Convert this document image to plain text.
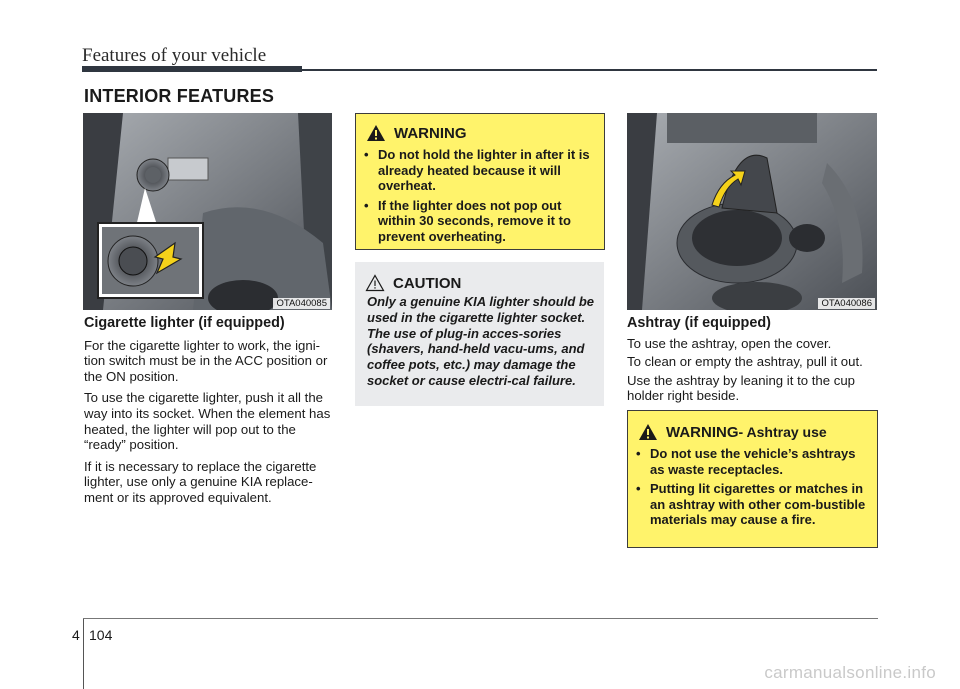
Features of your vehicle
INTERIOR FEATURES
OTA040085	OTA040086
Cigarette lighter (if equipped)

For the cigarette lighter to work, the igni-tion switch must be in the ACC position or the ON position.

To use the cigarette lighter, push it all the way into its socket. When the element has heated, the lighter will pop out to the “ready” position.

If it is necessary to replace the cigarette lighter, use only a genuine KIA replace-ment or its approved equivalent.

WARNING
• Do not hold the lighter in after it is already heated because it will overheat.
• If the lighter does not pop out within 30 seconds, remove it to prevent overheating.
CAUTION
Only a genuine KIA lighter should be used in the cigarette lighter socket. The use of plug-in acces-sories (shavers, hand-held vacu-ums, and coffee pots, etc.) may damage the socket or cause electri-cal failure.
Ashtray (if equipped)

To use the ashtray, open the cover.

To clean or empty the ashtray, pull it out.

Use the ashtray by leaning it to the cup holder right beside.

WARNING - Ashtray use
• Do not use the vehicle’s ashtrays as waste receptacles.
• Putting lit cigarettes or matches in an ashtray with other com-bustible materials may cause a fire.
4 104
carmanualsonline.info
